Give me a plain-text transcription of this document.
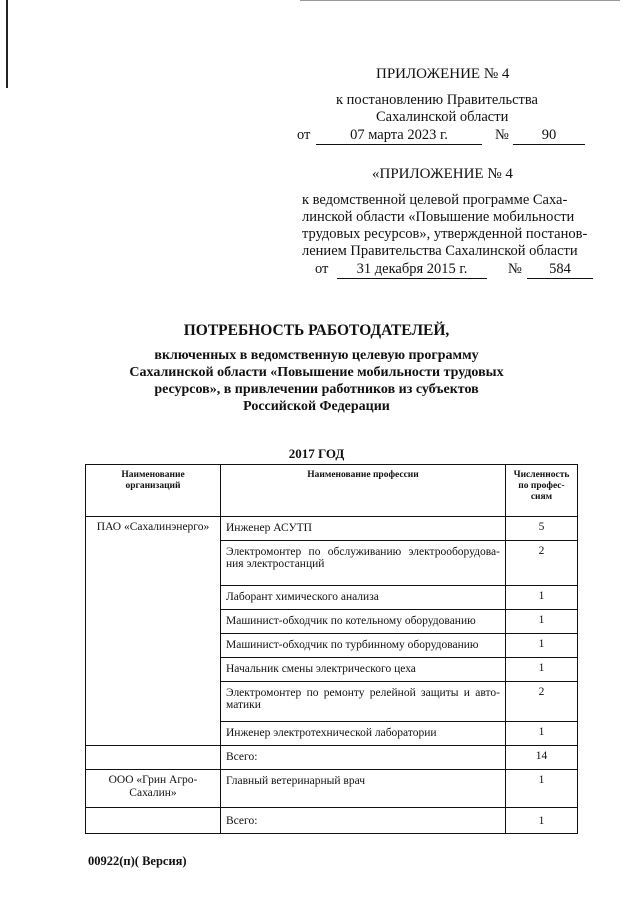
ПРИЛОЖЕНИЕ № 4
к постановлению Правительства
Сахалинской области
от	07 марта 2023 г.	№	90
«ПРИЛОЖЕНИЕ № 4
к ведомственной целевой программе Саха-
линской области «Повышение мобильности
трудовых ресурсов», утвержденной постанов-
лением Правительства Сахалинской области
от	31 декабря 2015 г.	№	584
ПОТРЕБНОСТЬ РАБОТОДАТЕЛЕЙ,
включенных в ведомственную целевую программу
Сахалинской области «Повышение мобильности трудовых
ресурсов», в привлечении работников из субъектов
Российской Федерации
2017 ГОД
Наименование организаций	Наименование профессии	Численность
по профес-
сиям

ПАО «Сахалинэнерго»	Инженер АСУТП	5
	Электромонтер по обслуживанию электрооборудова-ния электростанций	2
	Лаборант химического анализа	1
	Машинист-обходчик по котельному оборудованию	1
	Машинист-обходчик по турбинному оборудованию	1
	Начальник смены электрического цеха	1
	Электромонтер по ремонту релейной защиты и авто-матики	2
	Инженер электротехнической лаборатории	1
	Всего:	14
ООО «Грин Агро-Сахалин»	Главный ветеринарный врач	1
	Всего:	1
00922(п)( Версия)
